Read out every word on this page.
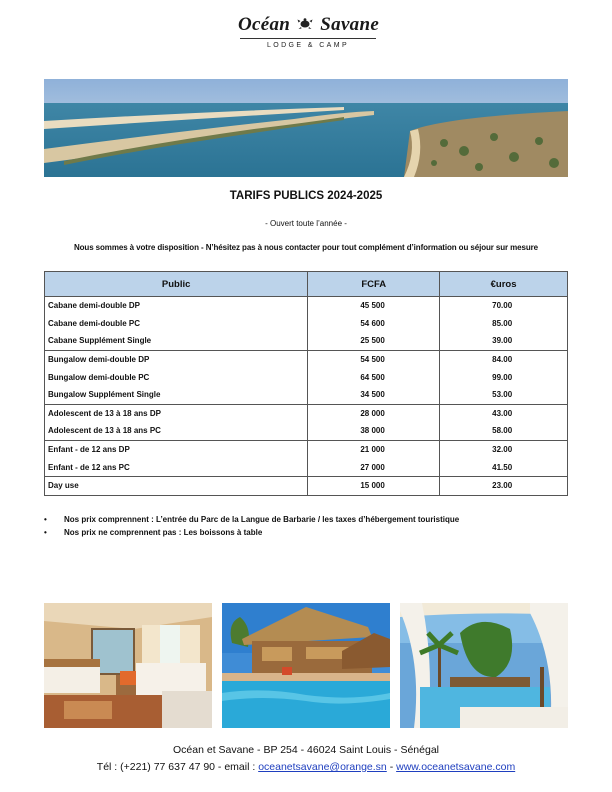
Océan Savane
LODGE & CAMP
TARIFS PUBLICS 2024-2025
- Ouvert toute l’année -
Nous sommes à votre disposition - N’hésitez pas à nous contacter pour tout complément d’information ou séjour sur mesure
Public	FCFA	€uros
Cabane demi-double DP	45 500	70.00
Cabane demi-double PC	54 600	85.00
Cabane Supplément Single	25 500	39.00
Bungalow demi-double DP	54 500	84.00
Bungalow demi-double PC	64 500	99.00
Bungalow Supplément Single	34 500	53.00
Adolescent de 13 à 18 ans DP	28 000	43.00
Adolescent de 13 à 18 ans PC	38 000	58.00
Enfant - de 12 ans DP	21 000	32.00
Enfant - de 12 ans PC	27 000	41.50
Day use	15 000	23.00
• Nos prix comprennent : L’entrée du Parc de la Langue de Barbarie / les taxes d’hébergement touristique
• Nos prix ne comprennent pas : Les boissons à table
Océan et Savane - BP 254 - 46024 Saint Louis - Sénégal
Tél : (+221) 77 637 47 90 - email : oceanetsavane@orange.sn - www.oceanetsavane.com
